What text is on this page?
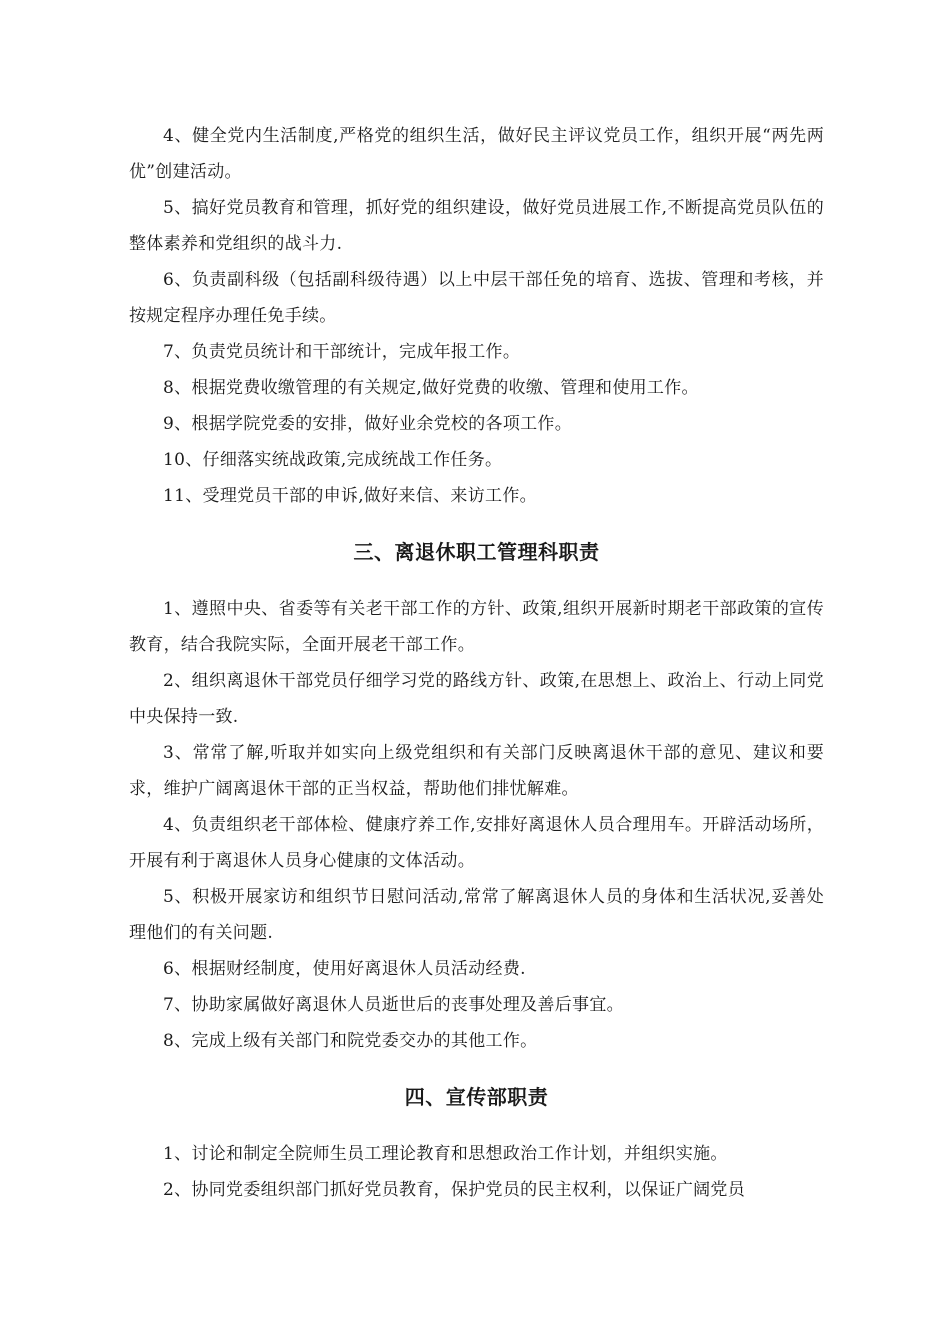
4、健全党内生活制度,严格党的组织生活，做好民主评议党员工作，组织开展“两先两优”创建活动。

5、搞好党员教育和管理，抓好党的组织建设，做好党员进展工作,不断提高党员队伍的整体素养和党组织的战斗力.

6、负责副科级（包括副科级待遇）以上中层干部任免的培育、选拔、管理和考核，并按规定程序办理任免手续。

7、负责党员统计和干部统计，完成年报工作。

8、根据党费收缴管理的有关规定,做好党费的收缴、管理和使用工作。

9、根据学院党委的安排，做好业余党校的各项工作。

10、仔细落实统战政策,完成统战工作任务。

11、受理党员干部的申诉,做好来信、来访工作。

三、离退休职工管理科职责

1、遵照中央、省委等有关老干部工作的方针、政策,组织开展新时期老干部政策的宣传教育，结合我院实际，全面开展老干部工作。

2、组织离退休干部党员仔细学习党的路线方针、政策,在思想上、政治上、行动上同党中央保持一致.

3、常常了解,听取并如实向上级党组织和有关部门反映离退休干部的意见、建议和要求，维护广阔离退休干部的正当权益，帮助他们排忧解难。

4、负责组织老干部体检、健康疗养工作,安排好离退休人员合理用车。开辟活动场所，开展有利于离退休人员身心健康的文体活动。

5、积极开展家访和组织节日慰问活动,常常了解离退休人员的身体和生活状况,妥善处理他们的有关问题.

6、根据财经制度，使用好离退休人员活动经费.

7、协助家属做好离退休人员逝世后的丧事处理及善后事宜。

8、完成上级有关部门和院党委交办的其他工作。

四、宣传部职责

1、讨论和制定全院师生员工理论教育和思想政治工作计划，并组织实施。

2、协同党委组织部门抓好党员教育，保护党员的民主权利，以保证广阔党员
